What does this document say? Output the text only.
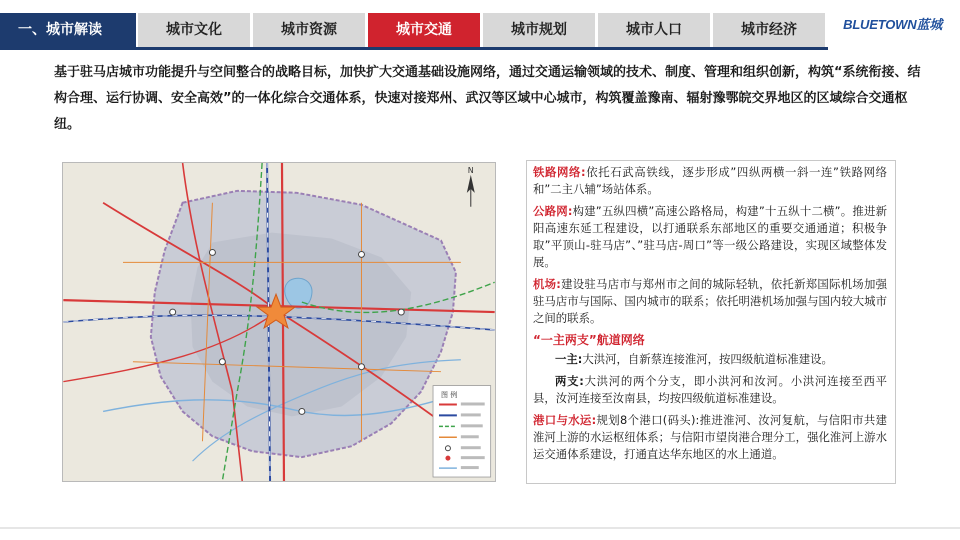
一、城市解读	城市文化	城市资源	城市交通	城市规划	城市人口	城市经济	BLUETOWN蓝城
基于驻马店城市功能提升与空间整合的战略目标，加快扩大交通基础设施网络，通过交通运输领域的技术、制度、管理和组织创新，构筑“系统衔接、结构合理、运行协调、安全高效”的一体化综合交通体系，快速对接郑州、武汉等区域中心城市，构筑覆盖豫南、辐射豫鄂皖交界地区的区域综合交通枢纽。
N
图 例

铁路网络:依托石武高铁线，逐步形成”四纵两横一斜一连”铁路网络和”二主八辅”场站体系。

公路网:构建”五纵四横”高速公路格局，构建”十五纵十二横”。推进新阳高速东延工程建设，以打通联系东部地区的重要交通通道；积极争取”平顶山-驻马店”、”驻马店-周口”等一级公路建设，实现区域整体发展。

机场:建设驻马店市与郑州市之间的城际轻轨，依托新郑国际机场加强驻马店市与国际、国内城市的联系；依托明港机场加强与国内较大城市之间的联系。

“一主两支”航道网络

一主:大洪河，自新蔡连接淮河，按四级航道标准建设。

两支:大洪河的两个分支，即小洪河和汝河。小洪河连接至西平县，汝河连接至汝南县，均按四级航道标准建设。

港口与水运:规划8个港口(码头):推进淮河、汝河复航，与信阳市共建淮河上游的水运枢纽体系；与信阳市望岗港合理分工，强化淮河上游水运交通体系建设，打通直达华东地区的水上通道。
